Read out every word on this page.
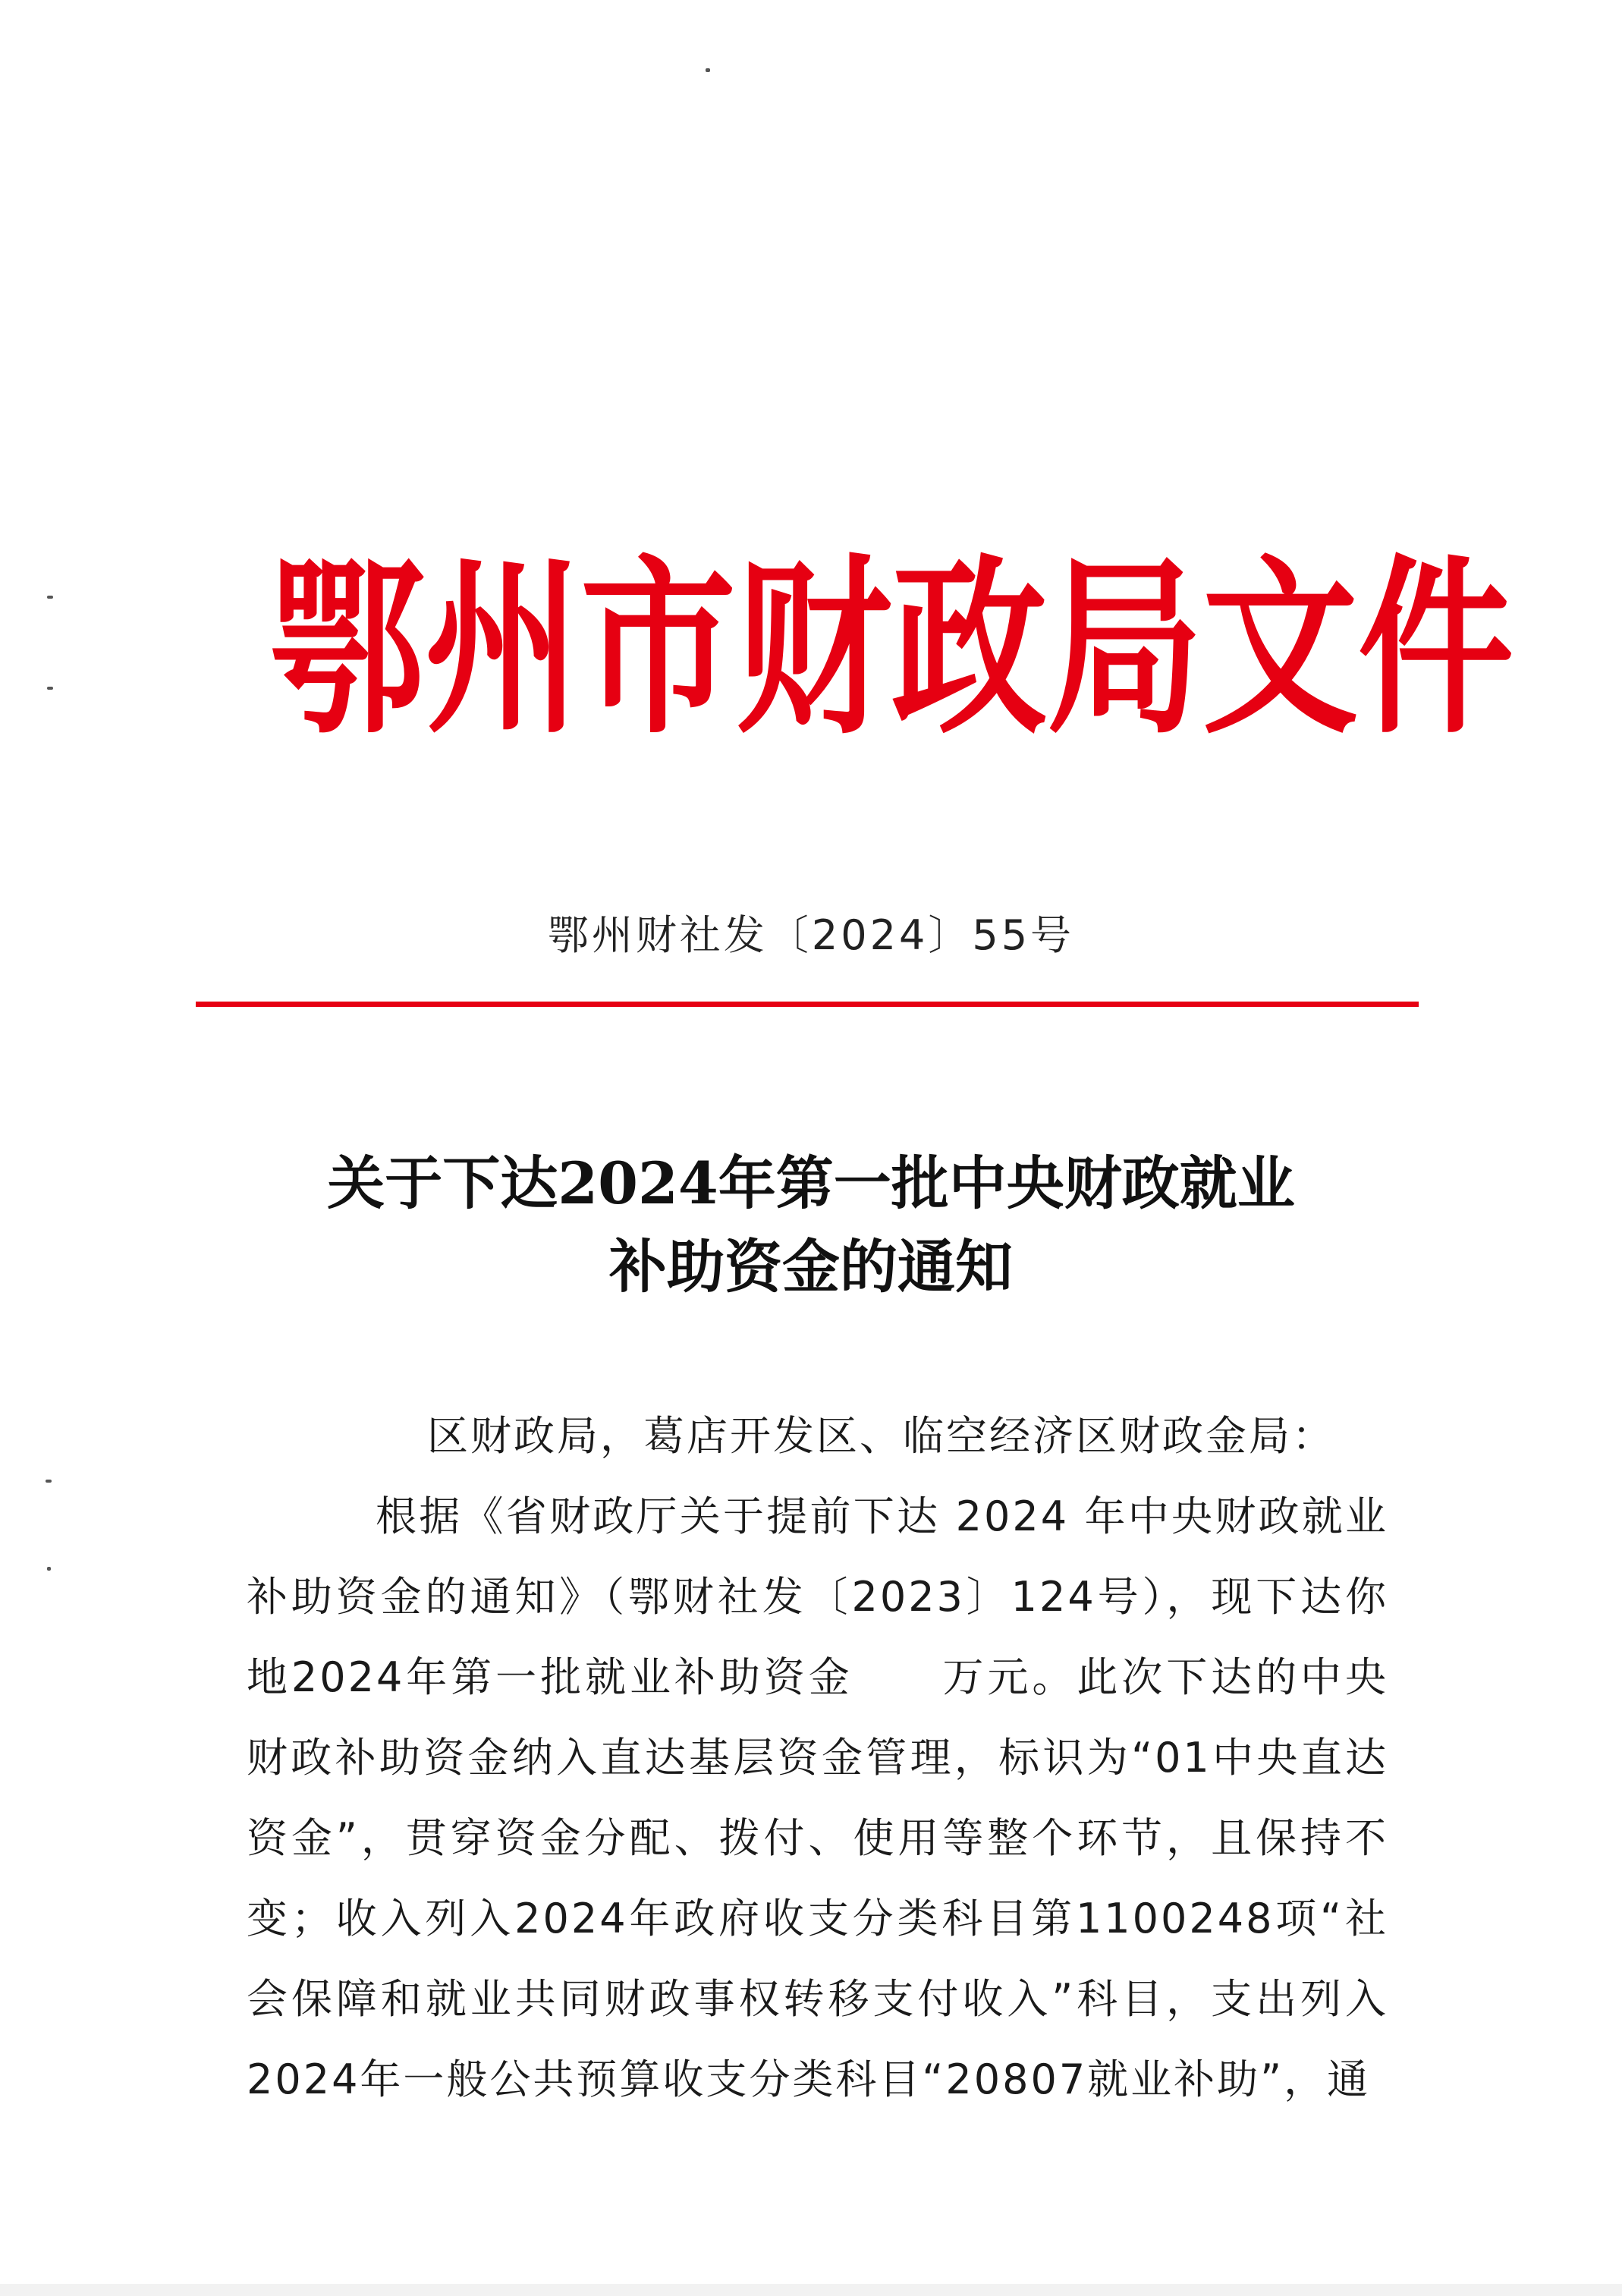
鄂 州 市 财 政 局 文 件
鄂州财社发〔2024〕55号
关于下达2024年第一批中央财政就业
补助资金的通知

区财政局，葛店开发区、临空经济区财政金局：

根据《省财政厅关于提前下达 2024 年中央财政就业补助资金的通知》（鄂财社发〔2023〕124号），现下达你地2024年第一批就业补助资金　　万元。此次下达的中央财政补助资金纳入直达基层资金管理，标识为“01中央直达资金”，贯穿资金分配、拨付、使用等整个环节，且保持不变；收入列入2024年政府收支分类科目第1100248项“社会保障和就业共同财政事权转移支付收入”科目，支出列入2024年一般公共预算收支分类科目“20807就业补助”，通
